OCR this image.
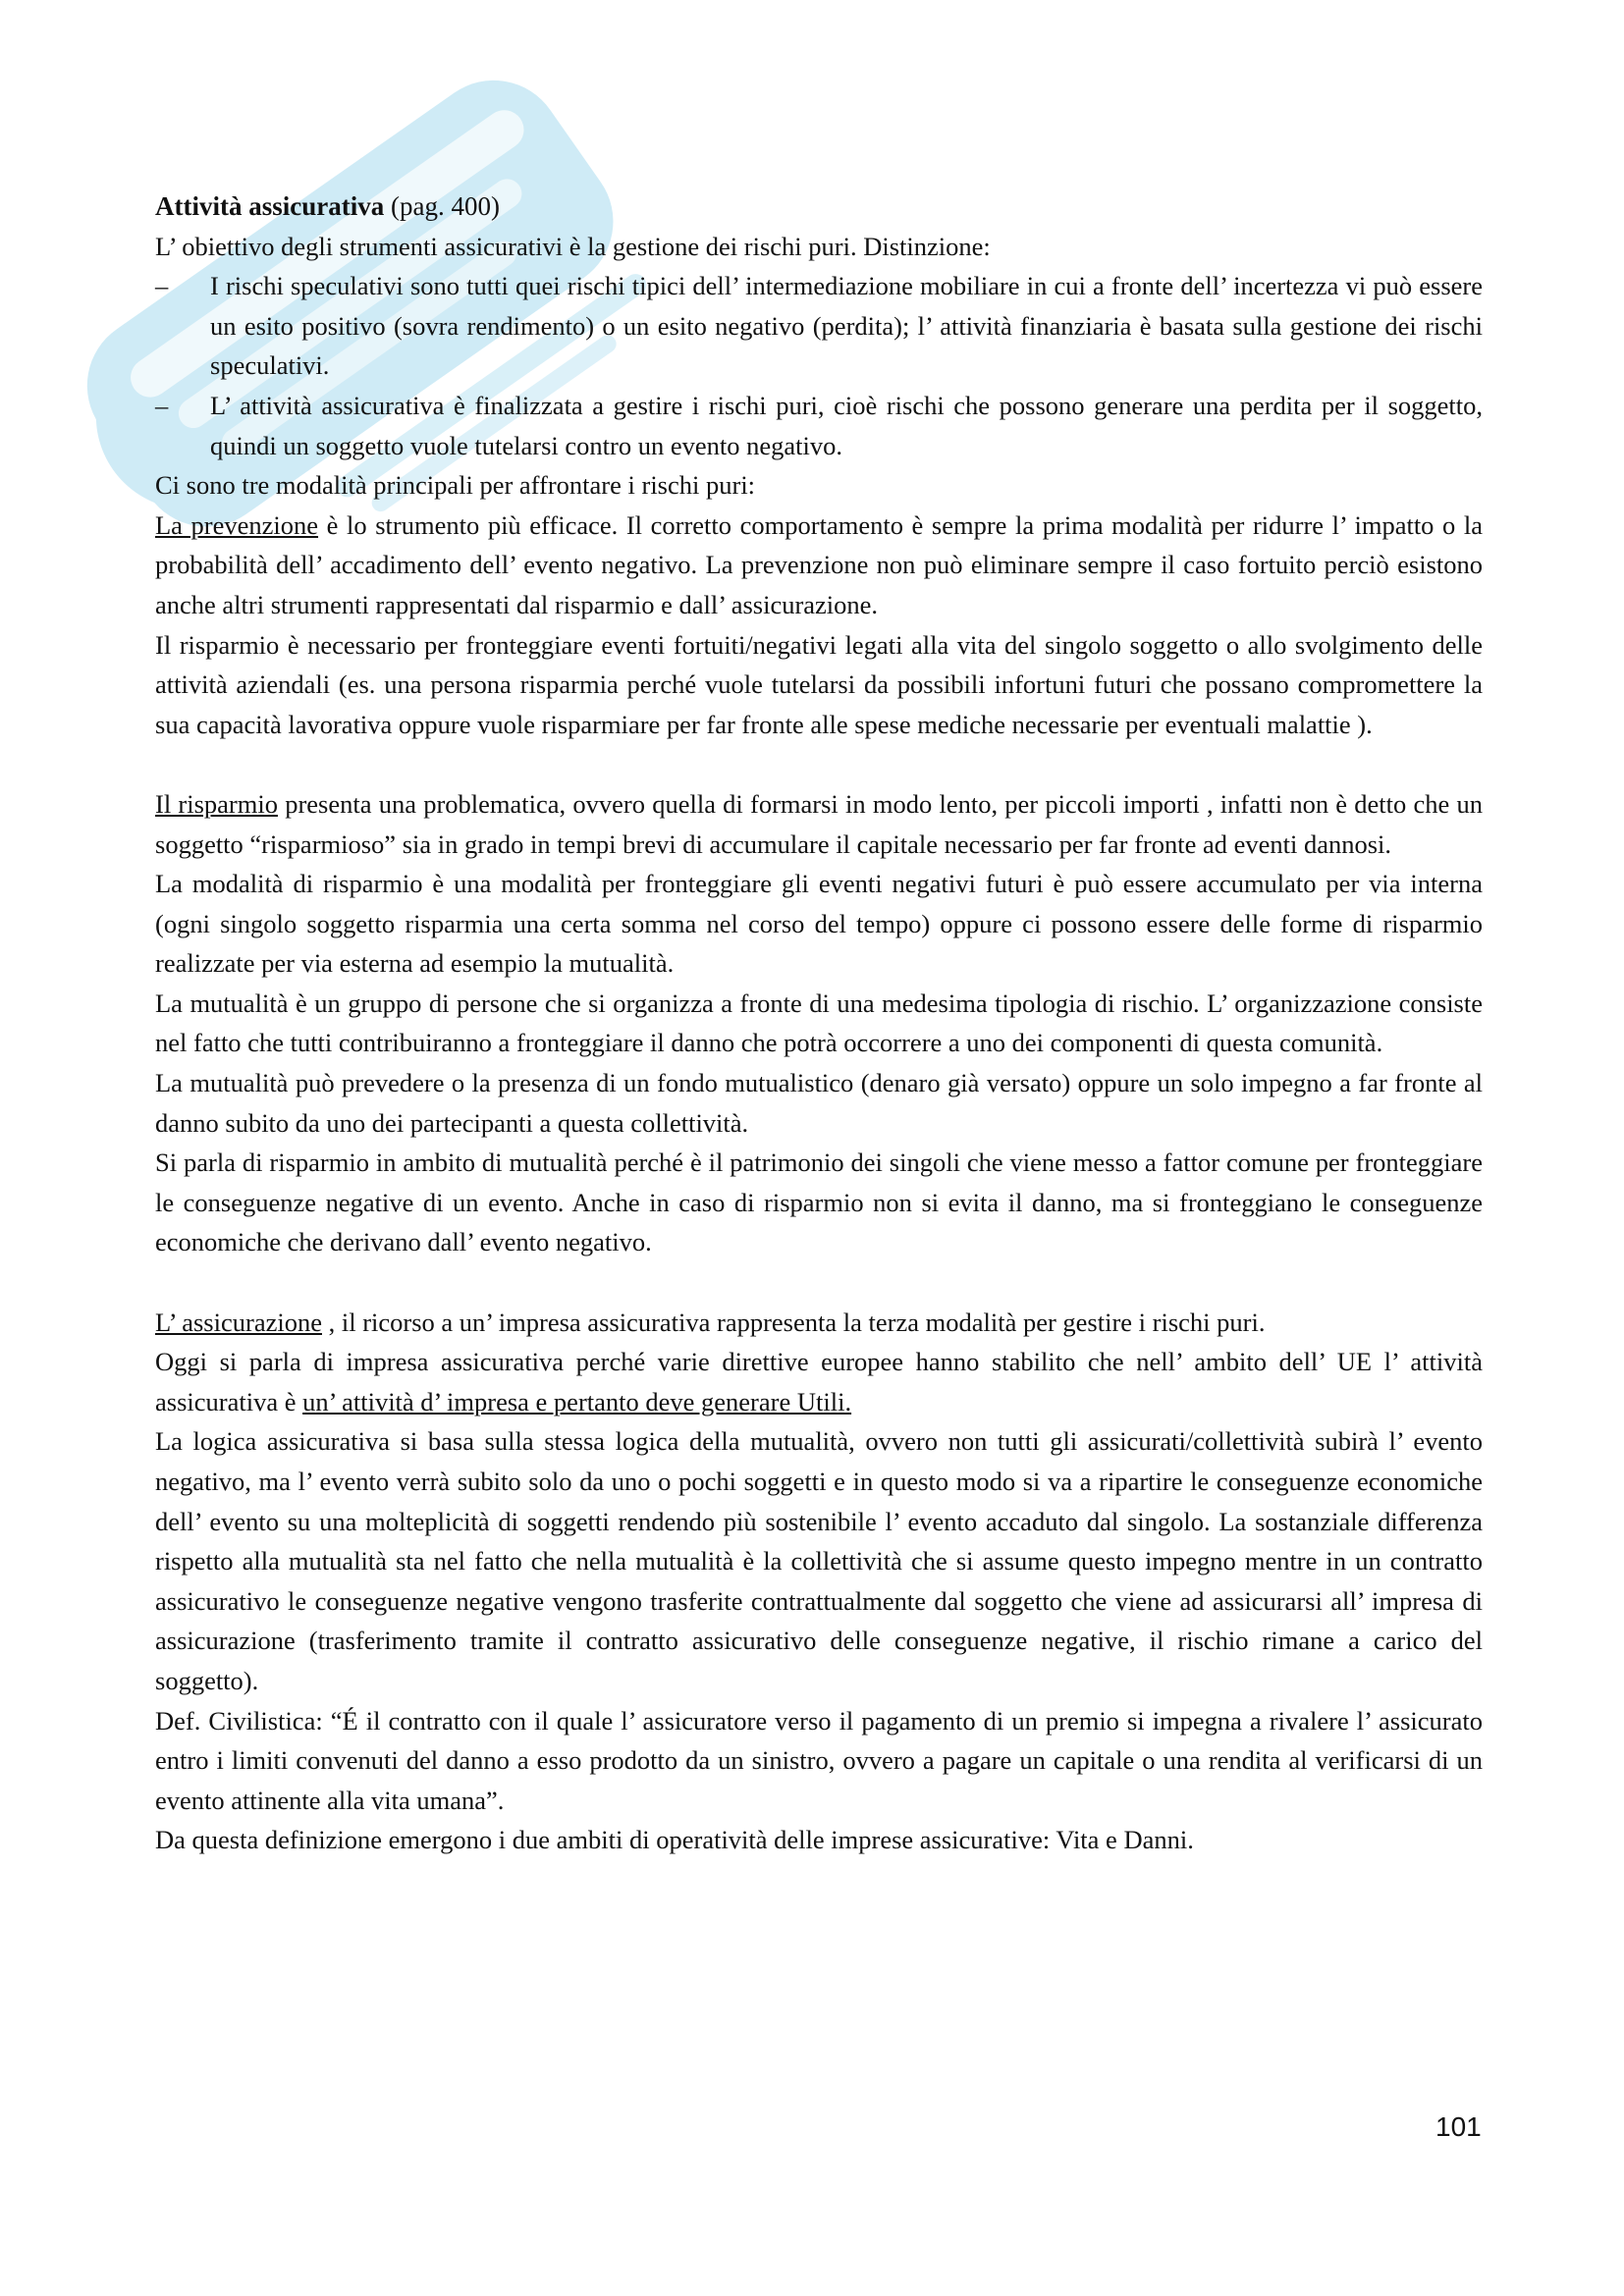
Attività assicurativa (pag. 400)

L’ obiettivo degli strumenti assicurativi è la gestione dei rischi puri. Distinzione:

– I rischi speculativi sono tutti quei rischi tipici dell’ intermediazione mobiliare in cui a fronte dell’ incertezza vi può essere un esito positivo (sovra rendimento) o un esito negativo (perdita); l’ attività finanziaria è basata sulla gestione dei rischi speculativi.
– L’ attività assicurativa è finalizzata a gestire i rischi puri, cioè rischi che possono generare una perdita per il soggetto, quindi un soggetto vuole tutelarsi contro un evento negativo.

Ci sono tre modalità principali per affrontare i rischi puri:

La prevenzione è lo strumento più efficace. Il corretto comportamento è sempre la prima modalità per ridurre l’ impatto o la probabilità dell’ accadimento dell’ evento negativo. La prevenzione non può eliminare sempre il caso fortuito perciò esistono anche altri strumenti rappresentati dal risparmio e dall’ assicurazione.

Il risparmio è necessario per fronteggiare eventi fortuiti/negativi legati alla vita del singolo soggetto o allo svolgimento delle attività aziendali (es. una persona risparmia perché vuole tutelarsi da possibili infortuni futuri che possano compromettere la sua capacità lavorativa oppure vuole risparmiare per far fronte alle spese mediche necessarie per eventuali malattie ).

Il risparmio presenta una problematica, ovvero quella di formarsi in modo lento, per piccoli importi , infatti non è detto che un soggetto “risparmioso” sia in grado in tempi brevi di accumulare il capitale necessario per far fronte ad eventi dannosi.

La modalità di risparmio è una modalità per fronteggiare gli eventi negativi futuri è può essere accumulato per via interna (ogni singolo soggetto risparmia una certa somma nel corso del tempo) oppure ci possono essere delle forme di risparmio realizzate per via esterna ad esempio la mutualità.

La mutualità è un gruppo di persone che si organizza a fronte di una medesima tipologia di rischio. L’ organizzazione consiste nel fatto che tutti contribuiranno a fronteggiare il danno che potrà occorrere a uno dei componenti di questa comunità.

La mutualità può prevedere o la presenza di un fondo mutualistico (denaro già versato) oppure un solo impegno a far fronte al danno subito da uno dei partecipanti a questa collettività.

Si parla di risparmio in ambito di mutualità perché è il patrimonio dei singoli che viene messo a fattor comune per fronteggiare le conseguenze negative di un evento. Anche in caso di risparmio non si evita il danno, ma si fronteggiano le conseguenze economiche che derivano dall’ evento negativo.

L’ assicurazione , il ricorso a un’ impresa assicurativa rappresenta la terza modalità per gestire i rischi puri.

Oggi si parla di impresa assicurativa perché varie direttive europee hanno stabilito che nell’ ambito dell’ UE l’ attività assicurativa è un’ attività d’ impresa e pertanto deve generare Utili.

La logica assicurativa si basa sulla stessa logica della mutualità, ovvero non tutti gli assicurati/collettività subirà l’ evento negativo, ma l’ evento verrà subito solo da uno o pochi soggetti e in questo modo si va a ripartire le conseguenze economiche dell’ evento su una molteplicità di soggetti rendendo più sostenibile l’ evento accaduto dal singolo. La sostanziale differenza rispetto alla mutualità sta nel fatto che nella mutualità è la collettività che si assume questo impegno mentre in un contratto assicurativo le conseguenze negative vengono trasferite contrattualmente dal soggetto che viene ad assicurarsi all’ impresa di assicurazione (trasferimento tramite il contratto assicurativo delle conseguenze negative, il rischio rimane a carico del soggetto).

Def. Civilistica: “É il contratto con il quale l’ assicuratore verso il pagamento di un premio si impegna a rivalere l’ assicurato entro i limiti convenuti del danno a esso prodotto da un sinistro, ovvero a pagare un capitale o una rendita al verificarsi di un evento attinente alla vita umana”.

Da questa definizione emergono i due ambiti di operatività delle imprese assicurative: Vita e Danni.

101
